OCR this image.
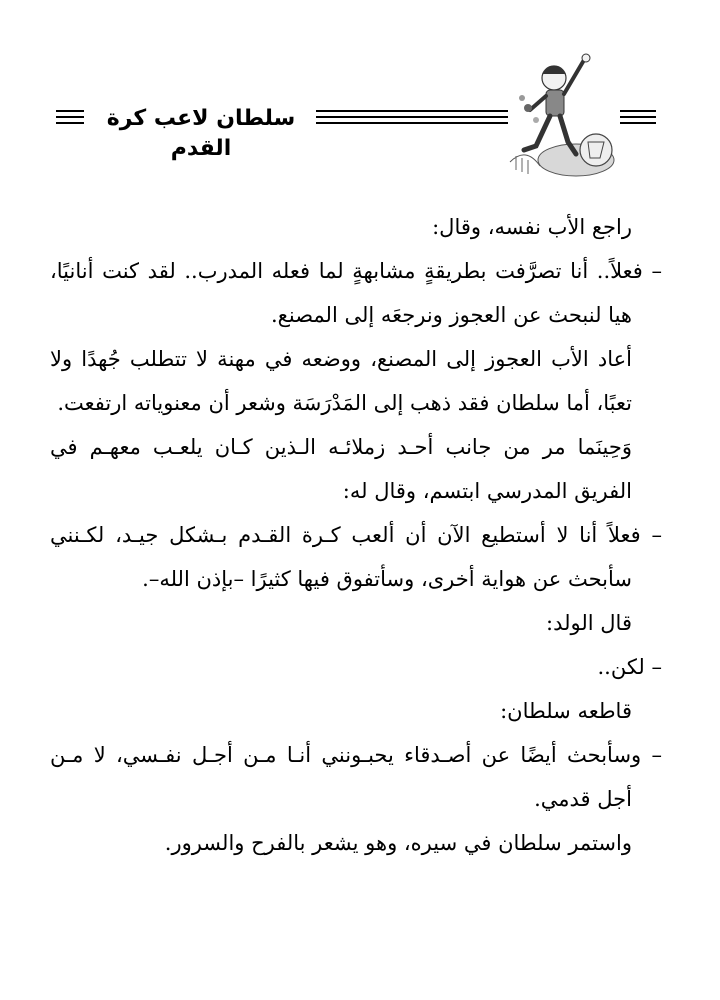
سلطان لاعب كرة القدم

راجع الأب نفسه، وقال:

– فعلاً.. أنا تصرَّفت بطريقةٍ مشابهةٍ لما فعله المدرب.. لقد كنت أنانيًا، هيا لنبحث عن العجوز ونرجعَه إلى المصنع.

أعاد الأب العجوز إلى المصنع، ووضعه في مهنة لا تتطلب جُهدًا ولا تعبًا، أما سلطان فقد ذهب إلى المَدْرَسَة وشعر أن معنوياته ارتفعت.

وَحِينَما مر من جانب أحـد زملائـه الـذين كـان يلعـب معهـم في الفريق المدرسي ابتسم، وقال له:

– فعلاً أنا لا أستطيع الآن أن ألعب كـرة القـدم بـشكل جيـد، لكـنني سأبحث عن هواية أخرى، وسأتفوق فيها كثيرًا –بإذن الله–.

قال الولد:

– لكن..

قاطعه سلطان:

– وسأبحث أيضًا عن أصـدقاء يحبـونني أنـا مـن أجـل نفـسي، لا مـن أجل قدمي.

واستمر سلطان في سيره، وهو يشعر بالفرح والسرور.
